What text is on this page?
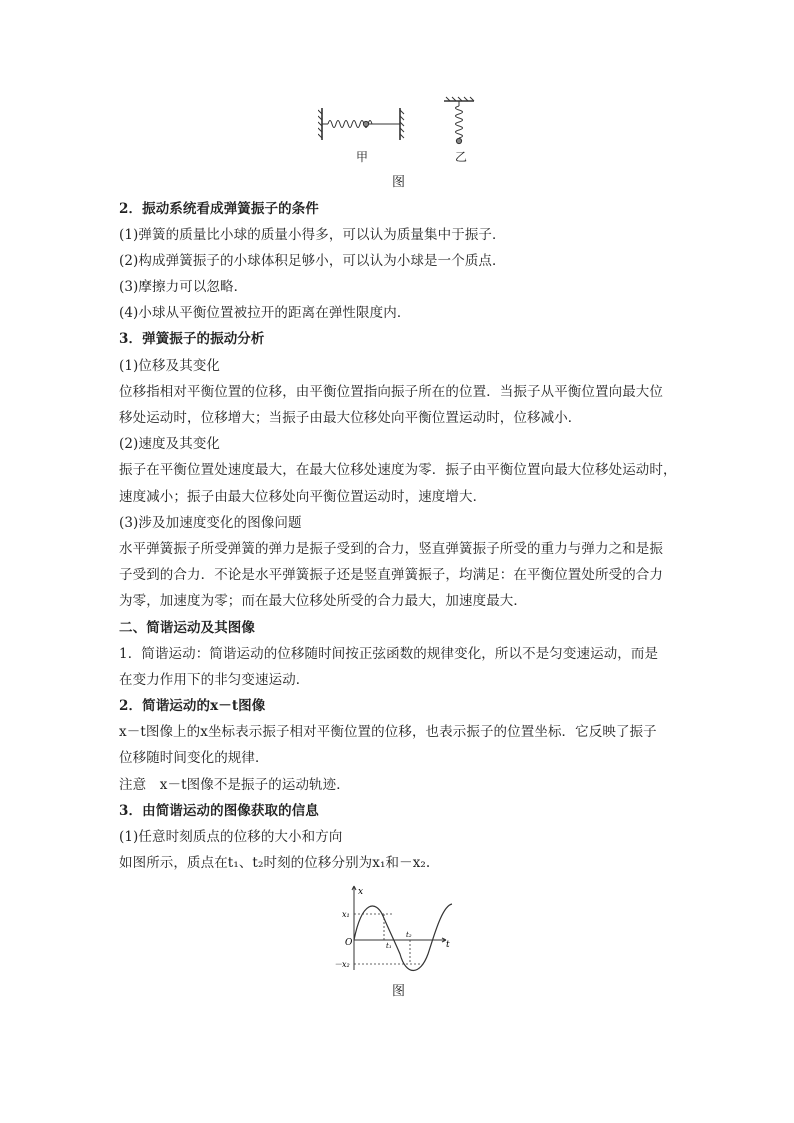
甲	乙
图
2．振动系统看成弹簧振子的条件
(1)弹簧的质量比小球的质量小得多，可以认为质量集中于振子．
(2)构成弹簧振子的小球体积足够小，可以认为小球是一个质点．
(3)摩擦力可以忽略．
(4)小球从平衡位置被拉开的距离在弹性限度内．
3．弹簧振子的振动分析
(1)位移及其变化
位移指相对平衡位置的位移，由平衡位置指向振子所在的位置．当振子从平衡位置向最大位
移处运动时，位移增大；当振子由最大位移处向平衡位置运动时，位移减小．
(2)速度及其变化
振子在平衡位置处速度最大，在最大位移处速度为零．振子由平衡位置向最大位移处运动时，
速度减小；振子由最大位移处向平衡位置运动时，速度增大．
(3)涉及加速度变化的图像问题
水平弹簧振子所受弹簧的弹力是振子受到的合力，竖直弹簧振子所受的重力与弹力之和是振
子受到的合力．不论是水平弹簧振子还是竖直弹簧振子，均满足：在平衡位置处所受的合力
为零，加速度为零；而在最大位移处所受的合力最大，加速度最大．
二、简谐运动及其图像
1．简谐运动：简谐运动的位移随时间按正弦函数的规律变化，所以不是匀变速运动，而是
在变力作用下的非匀变速运动．
2．简谐运动的x－t图像
x－t图像上的x坐标表示振子相对平衡位置的位移，也表示振子的位置坐标．它反映了振子
位移随时间变化的规律．
注意　x－t图像不是振子的运动轨迹．
3．由简谐运动的图像获取的信息
(1)任意时刻质点的位移的大小和方向
如图所示，质点在t₁、t₂时刻的位移分别为x₁和－x₂.
x
t
O
x₁
－x₂
t₁
t₂
图
